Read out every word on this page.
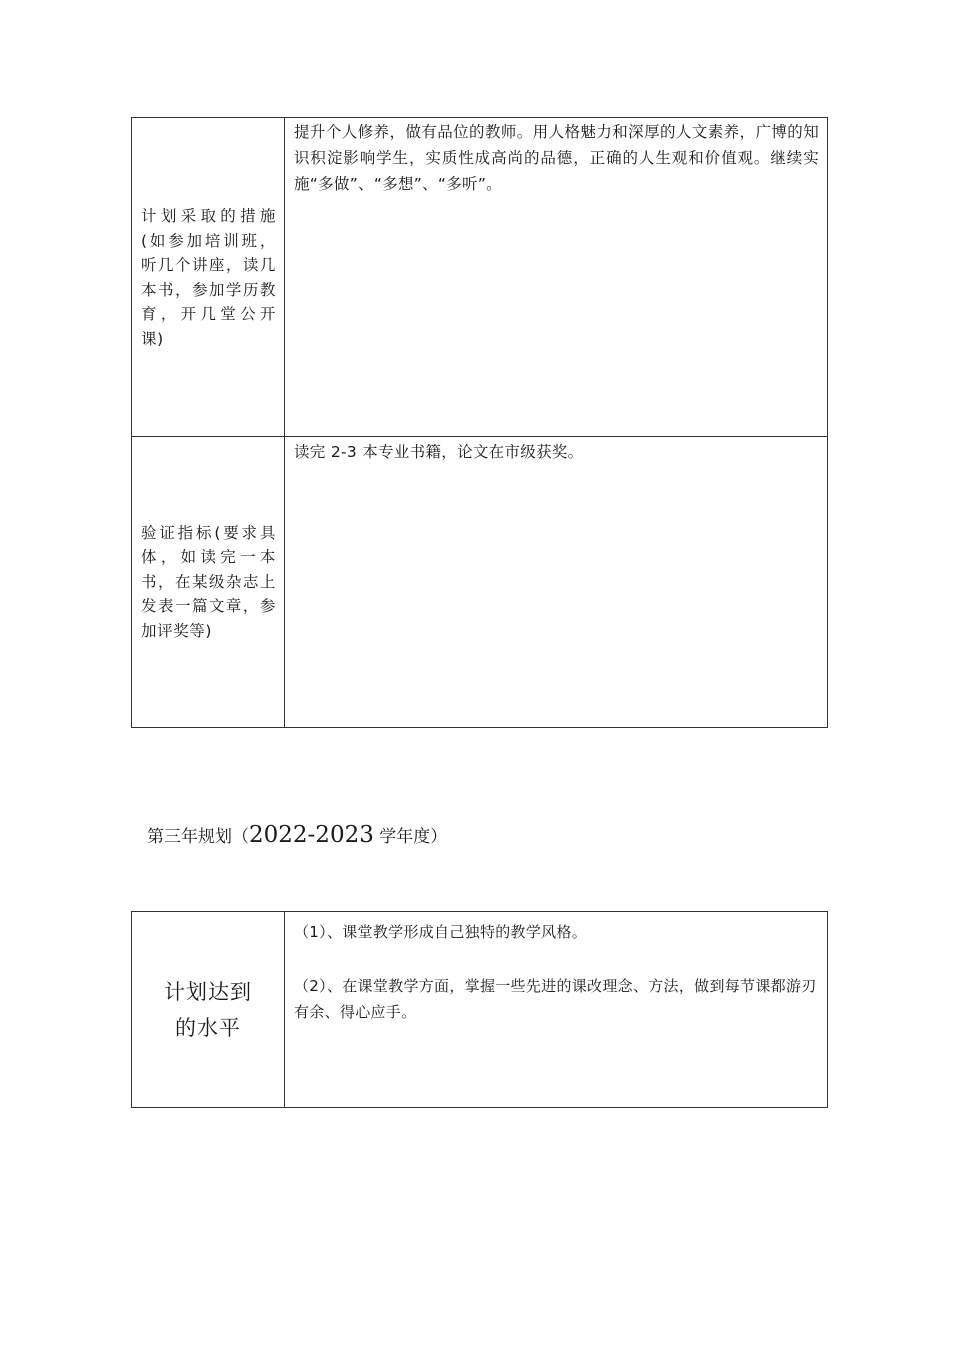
计划采取的措施(如参加培训班，听几个讲座，读几本书，参加学历教育，开几堂公开课)

提升个人修养，做有品位的教师。用人格魅力和深厚的人文素养，广博的知识积淀影响学生，实质性成高尚的品德，正确的人生观和价值观。继续实施“多做”、“多想”、“多听”。

验证指标(要求具体，如读完一本书，在某级杂志上发表一篇文章，参加评奖等)

读完 2-3 本专业书籍，论文在市级获奖。

第三年规划（2022-2023 学年度）
计划达到
的水平

（1）、课堂教学形成自己独特的教学风格。

（2）、在课堂教学方面，掌握一些先进的课改理念、方法，做到每节课都游刃有余、得心应手。
